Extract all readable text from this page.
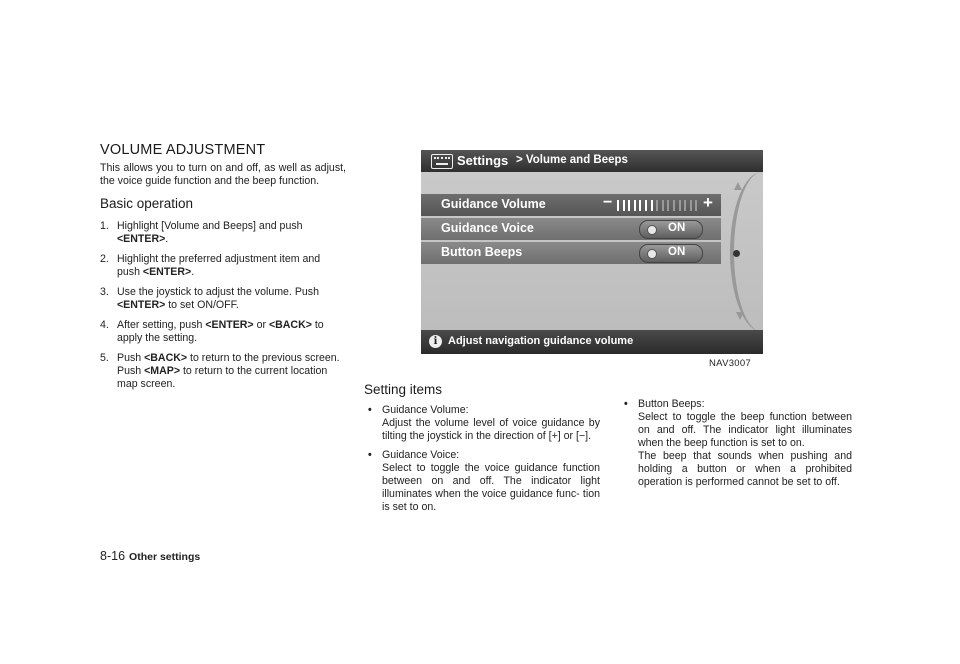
VOLUME ADJUSTMENT

This allows you to turn on and off, as well as adjust, the voice guide function and the beep function.

Basic operation
1. Highlight [Volume and Beeps] and push <ENTER>.
2. Highlight the preferred adjustment item and push <ENTER>.
3. Use the joystick to adjust the volume. Push <ENTER> to set ON/OFF.
4. After setting, push <ENTER> or <BACK> to apply the setting.
5. Push <BACK> to return to the previous screen. Push <MAP> to return to the current location map screen.
Settings > Volume and Beeps
Guidance Volume	−	+
Guidance Voice	ON
Button Beeps	ON
i Adjust navigation guidance volume
NAV3007
Setting items
• Guidance Volume:
Adjust the volume level of voice guidance by tilting the joystick in the direction of [+] or [−].
• Guidance Voice:
Select to toggle the voice guidance function between on and off. The indicator light illuminates when the voice guidance func- tion is set to on.
• Button Beeps:
Select to toggle the beep function between on and off. The indicator light illuminates when the beep function is set to on.
The beep that sounds when pushing and holding a button or when a prohibited operation is performed cannot be set to off.
8-16 Other settings
